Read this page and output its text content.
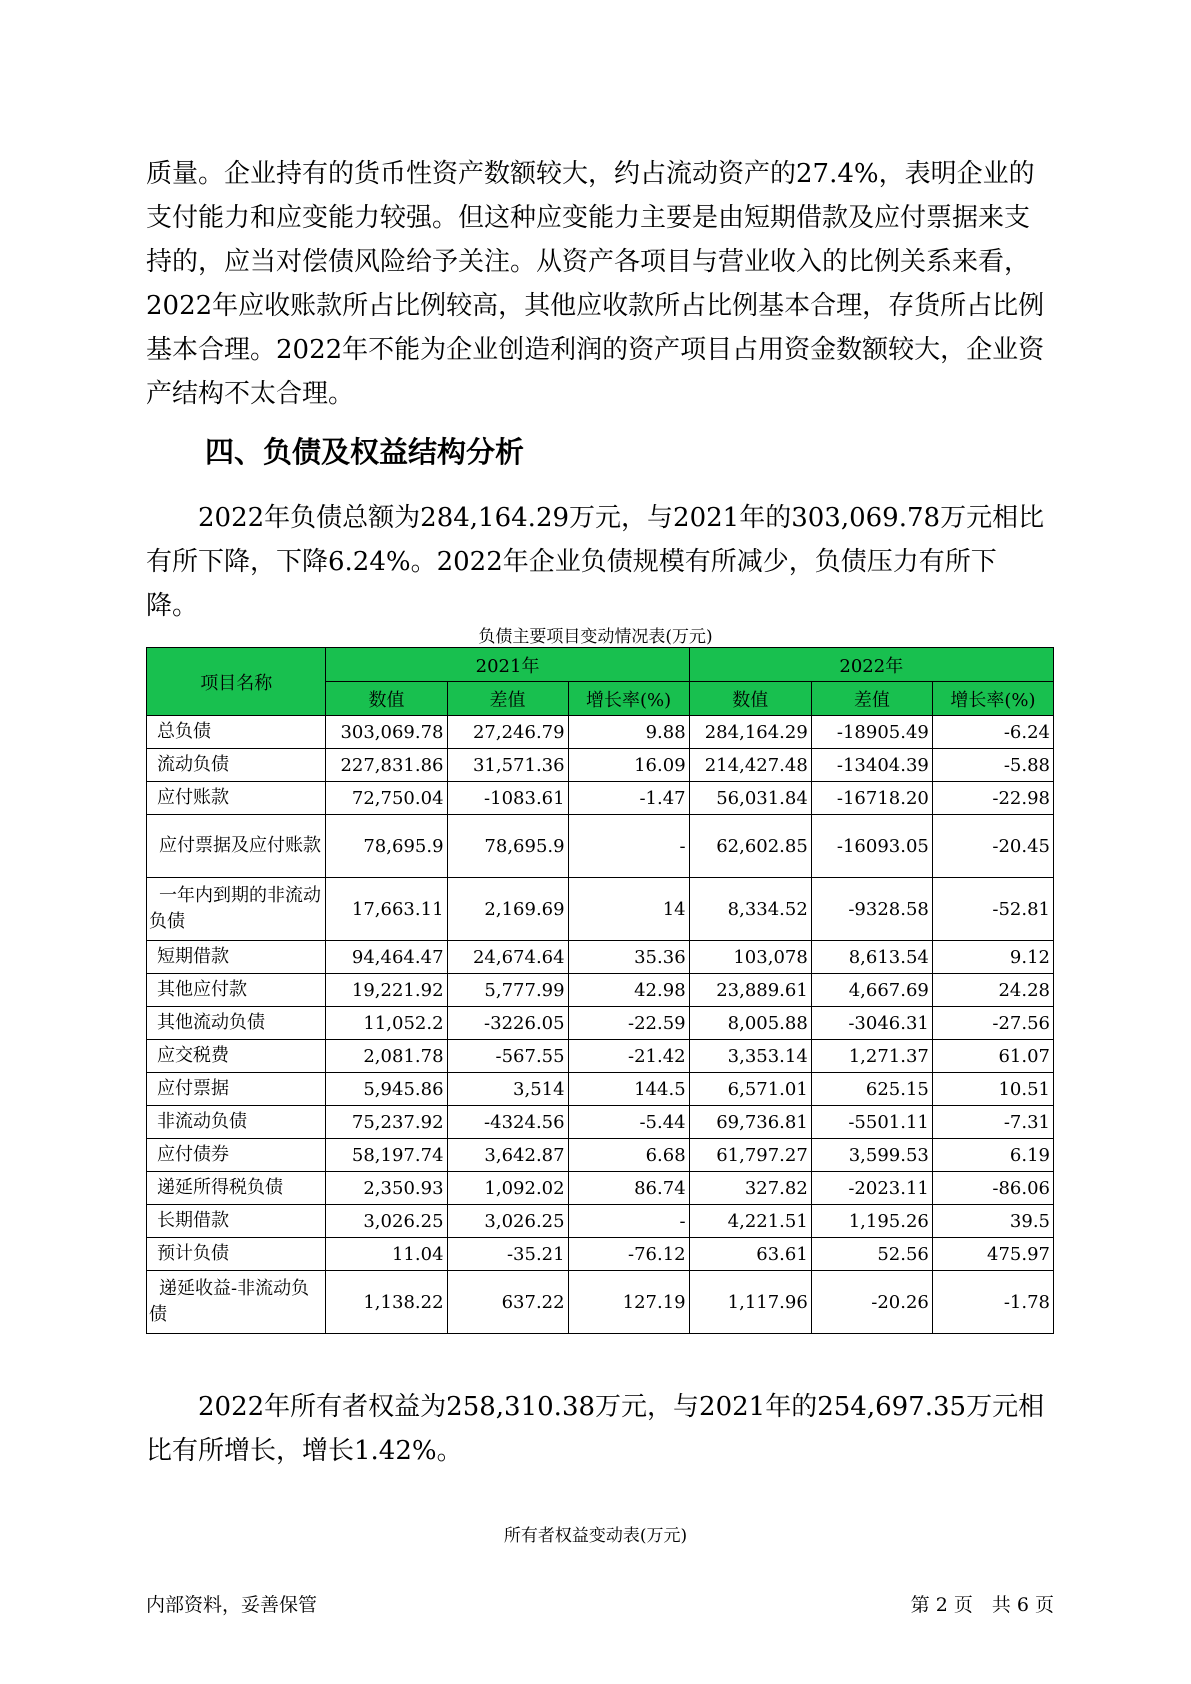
质量。企业持有的货币性资产数额较大，约占流动资产的27.4%，表明企业的支付能力和应变能力较强。但这种应变能力主要是由短期借款及应付票据来支持的，应当对偿债风险给予关注。从资产各项目与营业收入的比例关系来看，2022年应收账款所占比例较高，其他应收款所占比例基本合理，存货所占比例基本合理。2022年不能为企业创造利润的资产项目占用资金数额较大，企业资产结构不太合理。

四、负债及权益结构分析

2022年负债总额为284,164.29万元，与2021年的303,069.78万元相比有所下降，下降6.24%。2022年企业负债规模有所减少，负债压力有所下降。

负债主要项目变动情况表(万元)

项目名称	2021年			2022年		
	数值	差值	增长率(%)	数值	差值	增长率(%)
总负债	303,069.78	27,246.79	9.88	284,164.29	-18905.49	-6.24
流动负债	227,831.86	31,571.36	16.09	214,427.48	-13404.39	-5.88
应付账款	72,750.04	-1083.61	-1.47	56,031.84	-16718.20	-22.98
应付票据及应付账款	78,695.9	78,695.9	-	62,602.85	-16093.05	-20.45
一年内到期的非流动负债	17,663.11	2,169.69	14	8,334.52	-9328.58	-52.81
短期借款	94,464.47	24,674.64	35.36	103,078	8,613.54	9.12
其他应付款	19,221.92	5,777.99	42.98	23,889.61	4,667.69	24.28
其他流动负债	11,052.2	-3226.05	-22.59	8,005.88	-3046.31	-27.56
应交税费	2,081.78	-567.55	-21.42	3,353.14	1,271.37	61.07
应付票据	5,945.86	3,514	144.5	6,571.01	625.15	10.51
非流动负债	75,237.92	-4324.56	-5.44	69,736.81	-5501.11	-7.31
应付债券	58,197.74	3,642.87	6.68	61,797.27	3,599.53	6.19
递延所得税负债	2,350.93	1,092.02	86.74	327.82	-2023.11	-86.06
长期借款	3,026.25	3,026.25	-	4,221.51	1,195.26	39.5
预计负债	11.04	-35.21	-76.12	63.61	52.56	475.97
递延收益-非流动负债	1,138.22	637.22	127.19	1,117.96	-20.26	-1.78

2022年所有者权益为258,310.38万元，与2021年的254,697.35万元相比有所增长，增长1.42%。

所有者权益变动表(万元)

内部资料，妥善保管	第 2 页　共 6 页
